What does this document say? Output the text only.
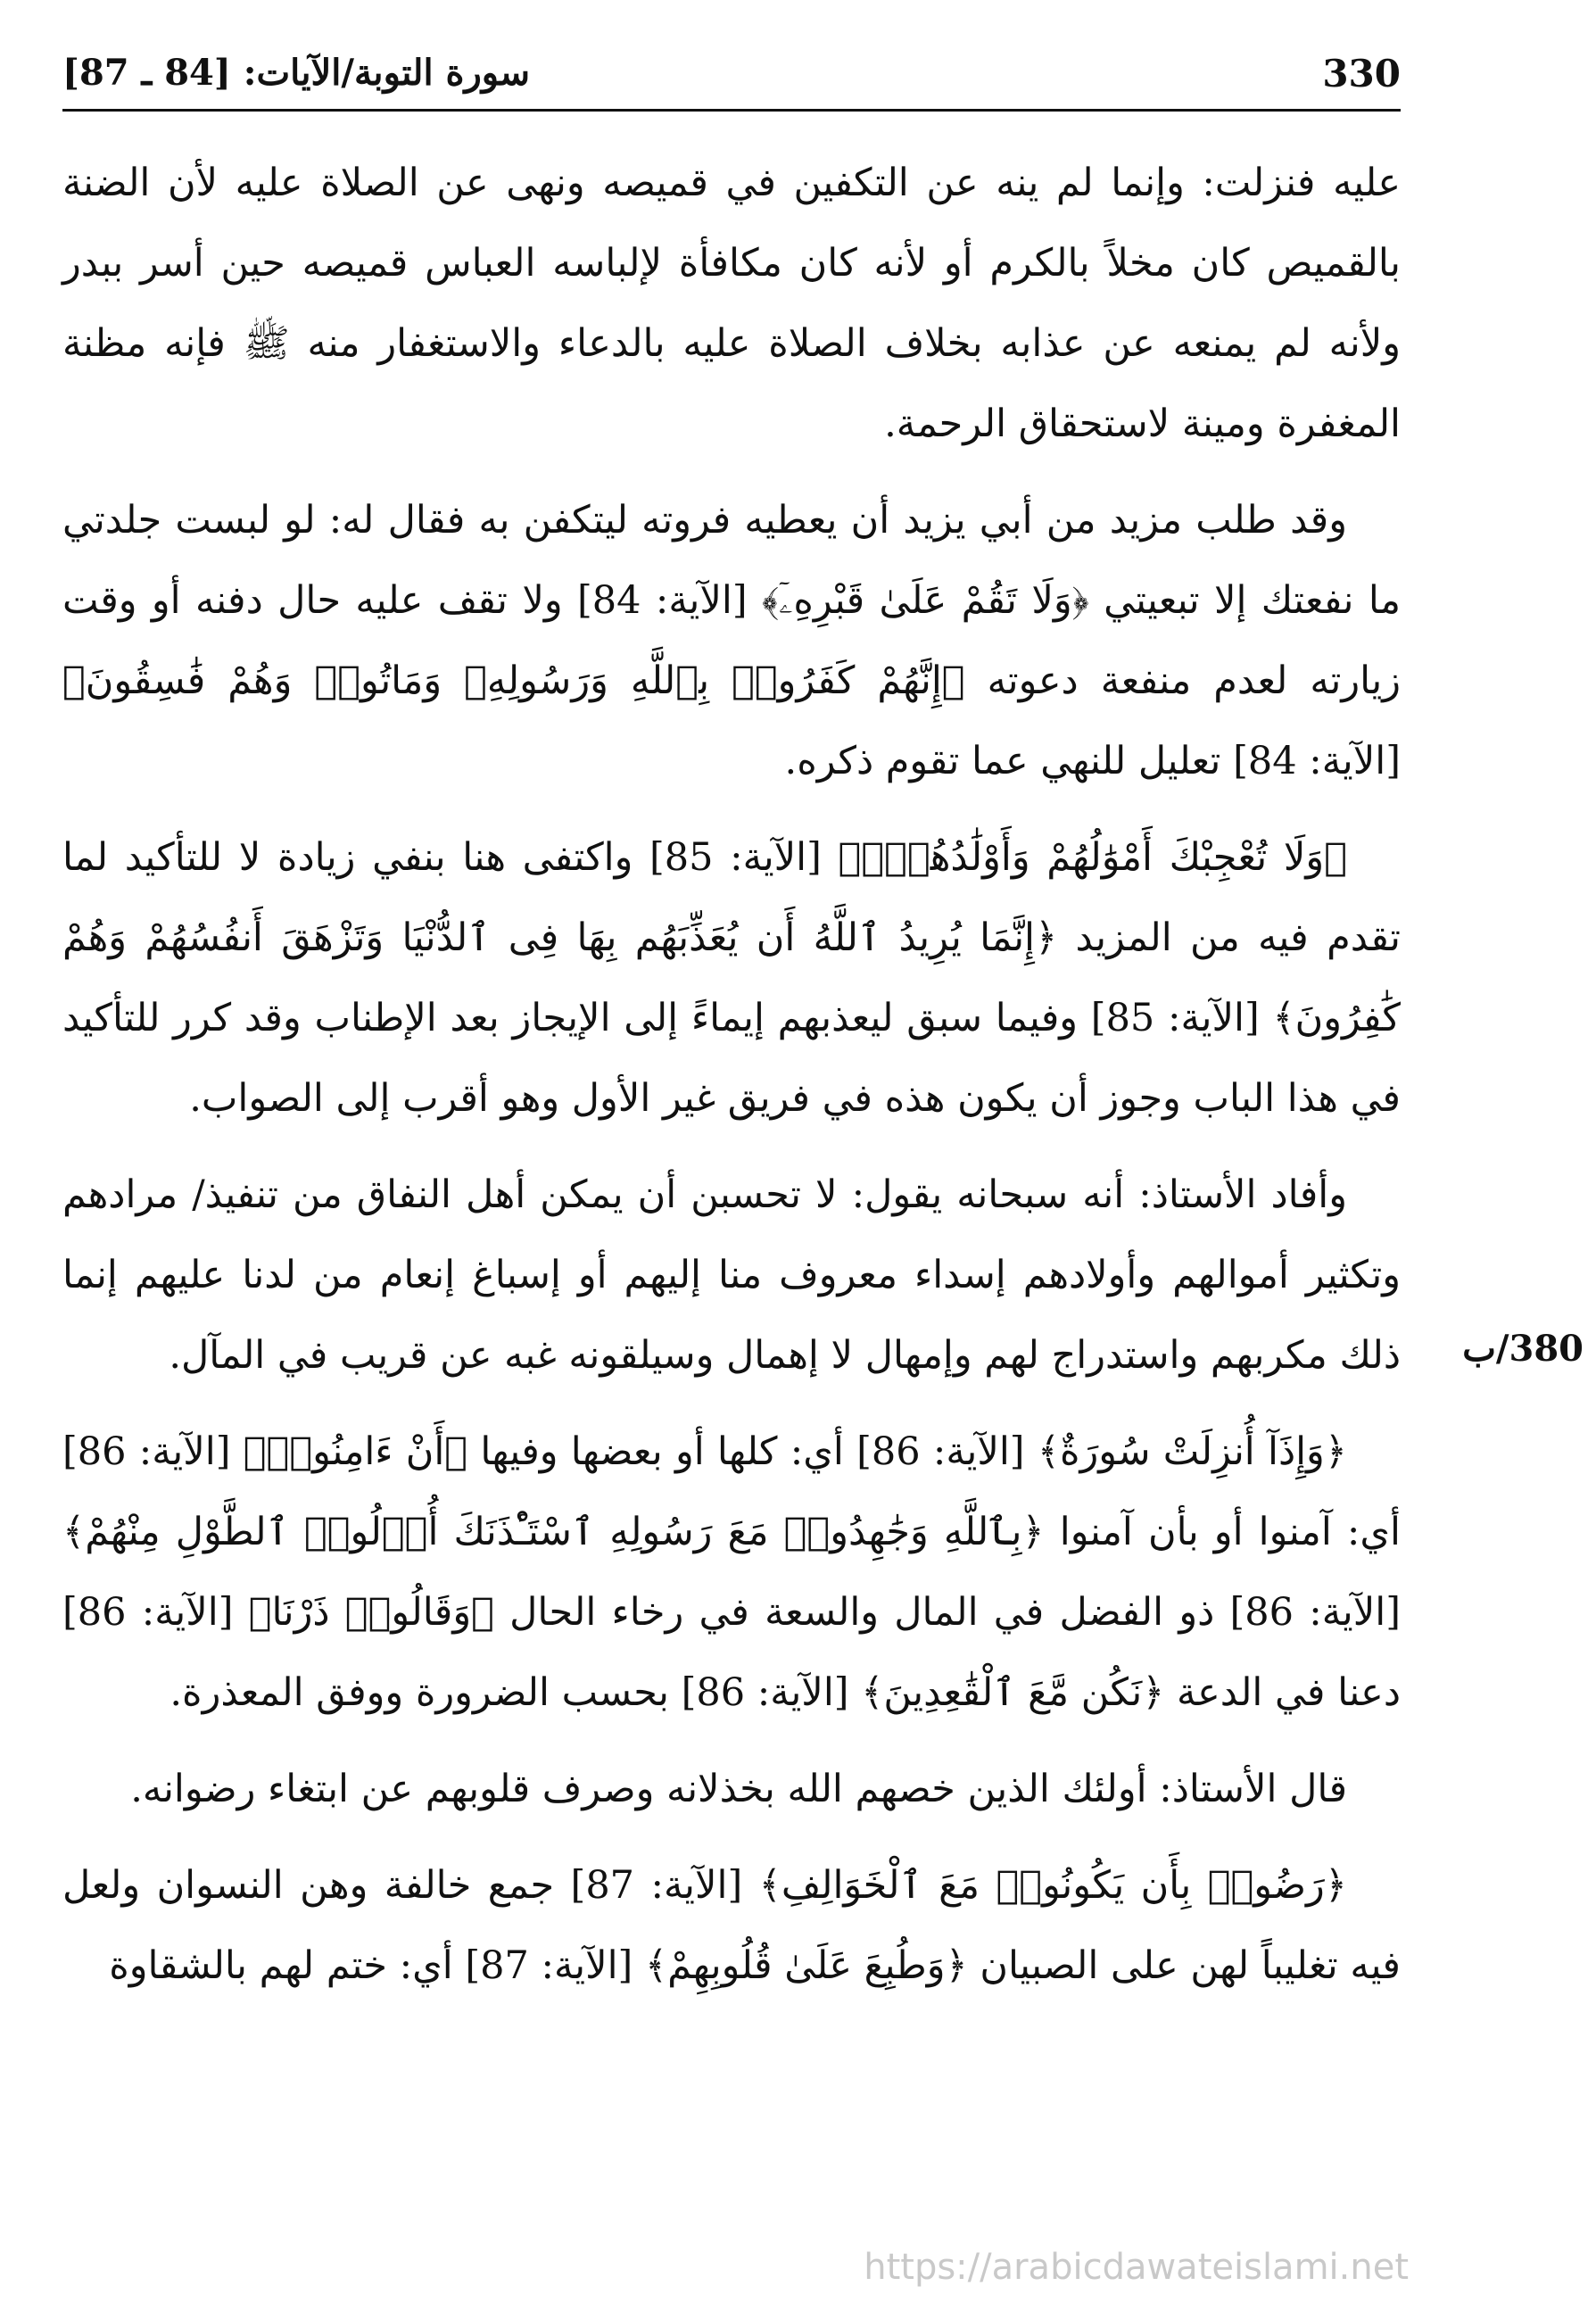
330
سورة التوبة/الآيات: [84 ـ 87]
380/ب

عليه فنزلت: وإنما لم ينه عن التكفين في قميصه ونهى عن الصلاة عليه لأن الضنة بالقميص كان مخلاً بالكرم أو لأنه كان مكافأة لإلباسه العباس قميصه حين أسر ببدر ولأنه لم يمنعه عن عذابه بخلاف الصلاة عليه بالدعاء والاستغفار منه ﷺ فإنه مظنة المغفرة ومينة لاستحقاق الرحمة.

وقد طلب مزيد من أبي يزيد أن يعطيه فروته ليتكفن به فقال له: لو لبست جلدتي ما نفعتك إلا تبعيتي ﴿وَلَا تَقُمْ عَلَىٰ قَبْرِهِۦٓ﴾ [الآية: 84] ولا تقف عليه حال دفنه أو وقت زيارته لعدم منفعة دعوته ﴿إِنَّهُمْ كَفَرُوا۟ بِٱللَّهِ وَرَسُولِهِۦ وَمَاتُوا۟ وَهُمْ فَٰسِقُونَ﴾ [الآية: 84] تعليل للنهي عما تقوم ذكره.

﴿وَلَا تُعْجِبْكَ أَمْوَٰلُهُمْ وَأَوْلَٰدُهُمْۚ﴾ [الآية: 85] واكتفى هنا بنفي زيادة لا للتأكيد لما تقدم فيه من المزيد ﴿إِنَّمَا يُرِيدُ ٱللَّهُ أَن يُعَذِّبَهُم بِهَا فِى ٱلدُّنْيَا وَتَزْهَقَ أَنفُسُهُمْ وَهُمْ كَٰفِرُونَ﴾ [الآية: 85] وفيما سبق ليعذبهم إيماءً إلى الإيجاز بعد الإطناب وقد كرر للتأكيد في هذا الباب وجوز أن يكون هذه في فريق غير الأول وهو أقرب إلى الصواب.

وأفاد الأستاذ: أنه سبحانه يقول: لا تحسبن أن يمكن أهل النفاق من تنفيذ/ مرادهم وتكثير أموالهم وأولادهم إسداء معروف منا إليهم أو إسباغ إنعام من لدنا عليهم إنما ذلك مكربهم واستدراج لهم وإمهال لا إهمال وسيلقونه غبه عن قريب في المآل.

﴿وَإِذَآ أُنزِلَتْ سُورَةٌ﴾ [الآية: 86] أي: كلها أو بعضها وفيها ﴿أَنْ ءَامِنُوا۟﴾ [الآية: 86] أي: آمنوا أو بأن آمنوا ﴿بِٱللَّهِ وَجَٰهِدُوا۟ مَعَ رَسُولِهِ ٱسْتَـْٔذَنَكَ أُو۟لُوا۟ ٱلطَّوْلِ مِنْهُمْ﴾ [الآية: 86] ذو الفضل في المال والسعة في رخاء الحال ﴿وَقَالُوا۟ ذَرْنَا﴾ [الآية: 86] دعنا في الدعة ﴿نَكُن مَّعَ ٱلْقَٰعِدِينَ﴾ [الآية: 86] بحسب الضرورة ووفق المعذرة.

قال الأستاذ: أولئك الذين خصهم الله بخذلانه وصرف قلوبهم عن ابتغاء رضوانه.

﴿رَضُوا۟ بِأَن يَكُونُوا۟ مَعَ ٱلْخَوَالِفِ﴾ [الآية: 87] جمع خالفة وهن النسوان ولعل فيه تغليباً لهن على الصبيان ﴿وَطُبِعَ عَلَىٰ قُلُوبِهِمْ﴾ [الآية: 87] أي: ختم لهم بالشقاوة

https://arabicdawateislami.net
